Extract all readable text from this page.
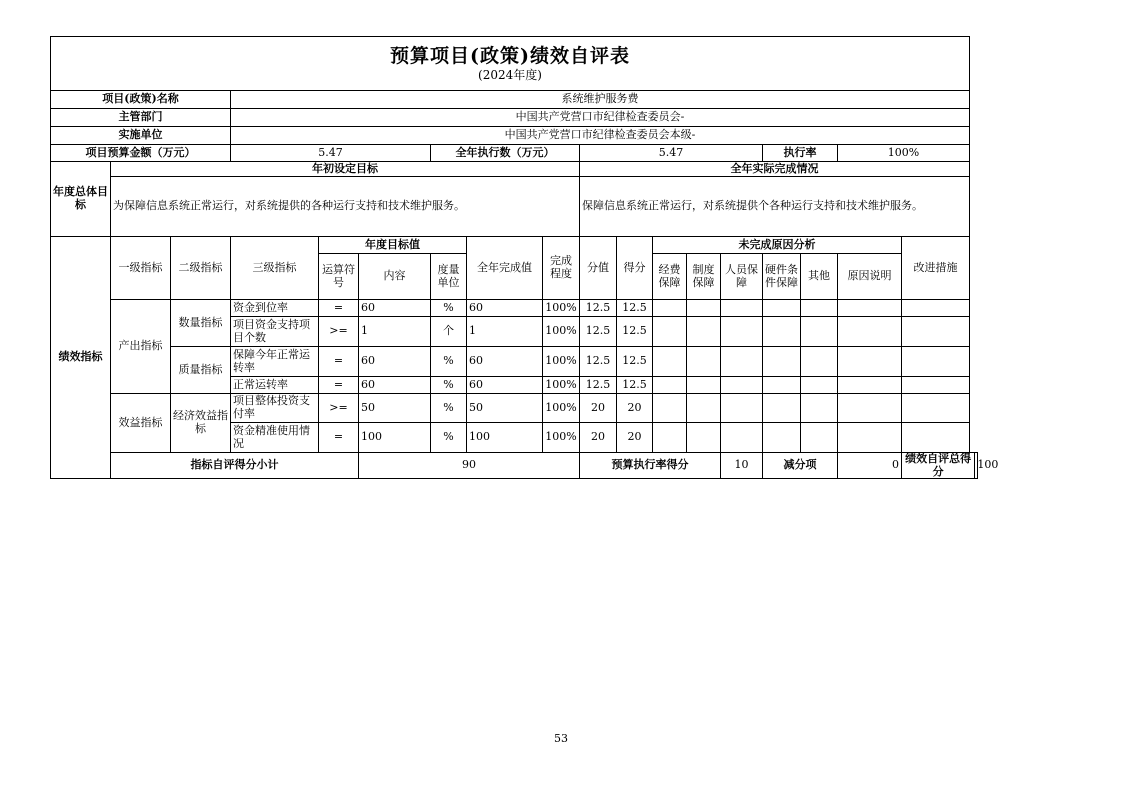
预算项目(政策)绩效自评表
(2024年度)																		

项目(政策)名称			系统维护服务费															
主管部门			中国共产党营口市纪律检查委员会-															
实施单位			中国共产党营口市纪律检查委员会本级-															
项目预算金额（万元）			5.47			全年执行数（万元）			5.47					执行率		100%		
年度总体目标	年初设定目标								全年实际完成情况									
	为保障信息系统正常运行，对系统提供的各种运行支持和技术维护服务。								保障信息系统正常运行，对系统提供个各种运行支持和技术维护服务。									
绩效指标	一级指标	二级指标	三级指标	年度目标值			全年完成值	完成程度	分值	得分	未完成原因分析						改进措施	
				运算符号	内容	度量单位					经费保障	制度保障	人员保障	硬件条件保障	其他	原因说明		
	产出指标	数量指标	资金到位率	=	60	%	60	100%	12.5	12.5								
			项目资金支持项目个数	>=	1	个	1	100%	12.5	12.5								
		质量指标	保障今年正常运转率	=	60	%	60	100%	12.5	12.5								
			正常运转率	=	60	%	60	100%	12.5	12.5								
	效益指标	经济效益指标	项目整体投资支付率	>=	50	%	50	100%	20	20								
			资金精准使用情况	=	100	%	100	100%	20	20								
	指标自评得分小计				90				预算执行率得分				10	减分项		0	绩效自评总得分	100
53
